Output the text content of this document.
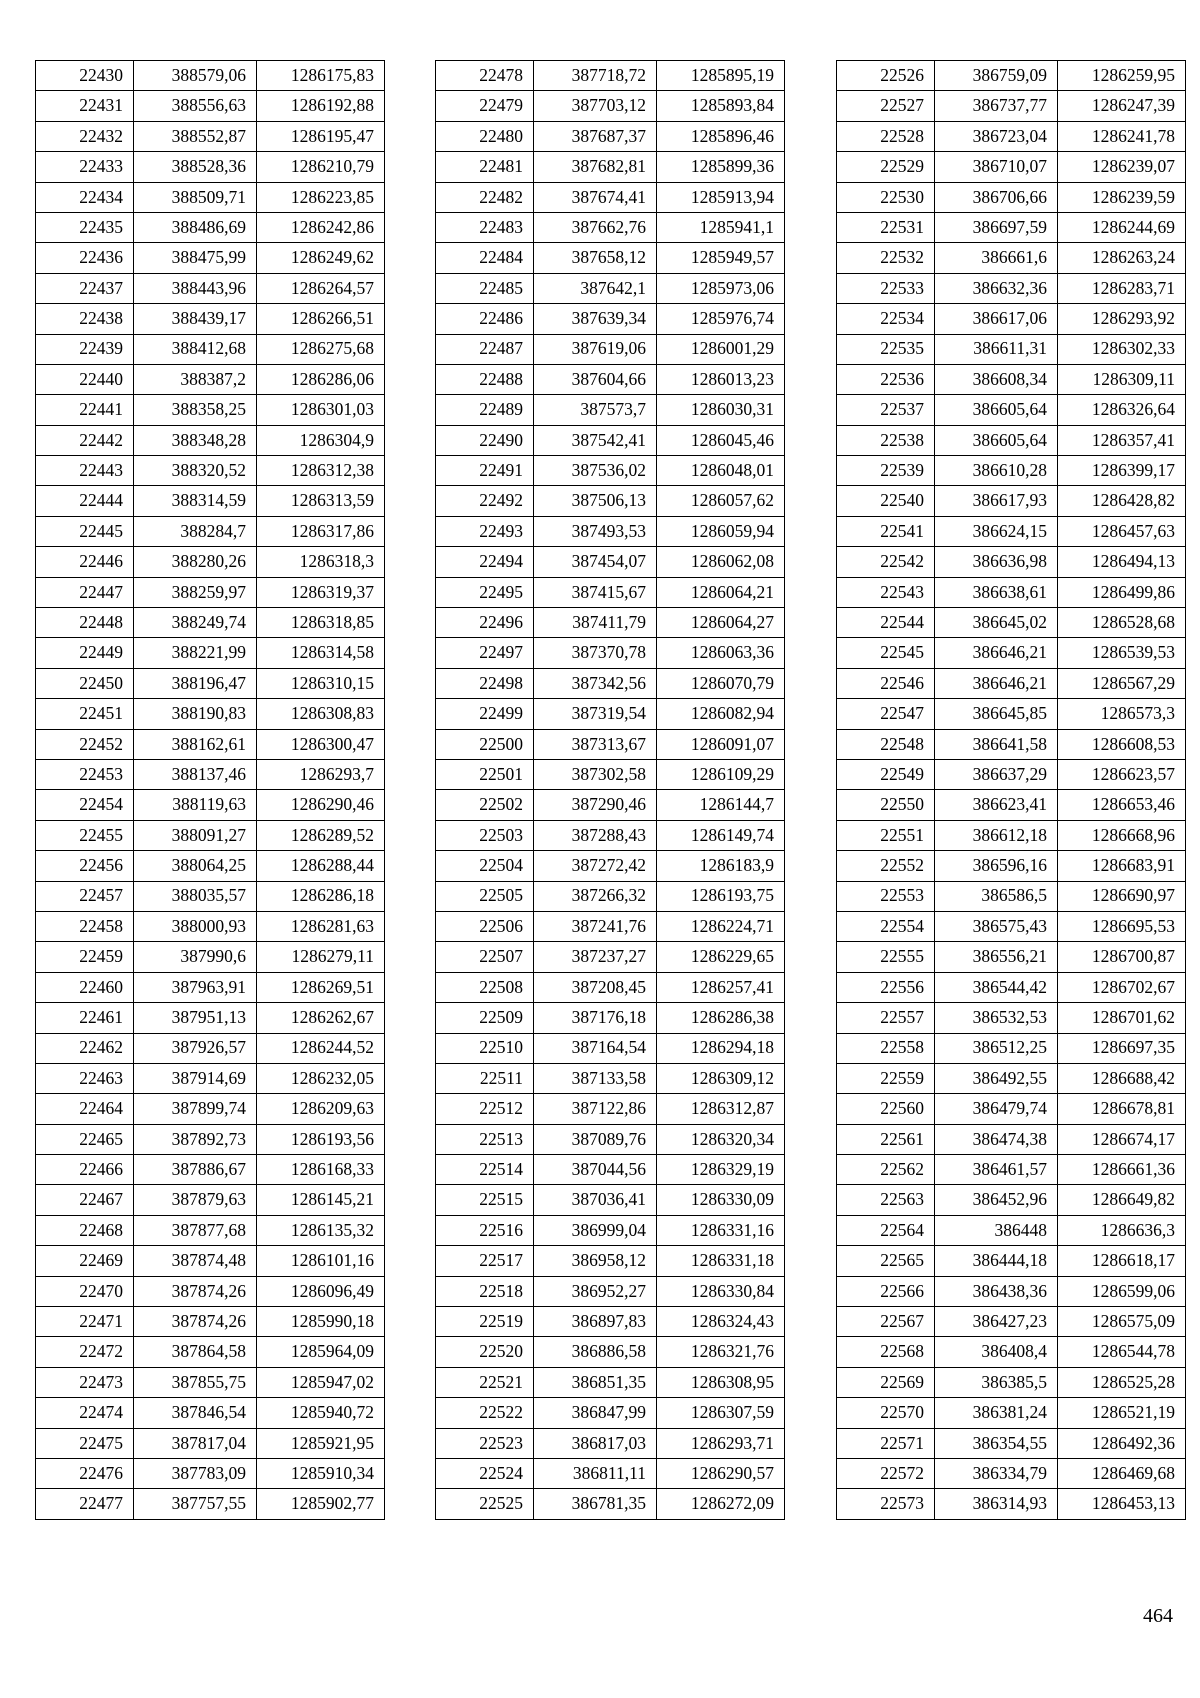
22430	388579,06	1286175,83
22431	388556,63	1286192,88
22432	388552,87	1286195,47
22433	388528,36	1286210,79
22434	388509,71	1286223,85
22435	388486,69	1286242,86
22436	388475,99	1286249,62
22437	388443,96	1286264,57
22438	388439,17	1286266,51
22439	388412,68	1286275,68
22440	388387,2	1286286,06
22441	388358,25	1286301,03
22442	388348,28	1286304,9
22443	388320,52	1286312,38
22444	388314,59	1286313,59
22445	388284,7	1286317,86
22446	388280,26	1286318,3
22447	388259,97	1286319,37
22448	388249,74	1286318,85
22449	388221,99	1286314,58
22450	388196,47	1286310,15
22451	388190,83	1286308,83
22452	388162,61	1286300,47
22453	388137,46	1286293,7
22454	388119,63	1286290,46
22455	388091,27	1286289,52
22456	388064,25	1286288,44
22457	388035,57	1286286,18
22458	388000,93	1286281,63
22459	387990,6	1286279,11
22460	387963,91	1286269,51
22461	387951,13	1286262,67
22462	387926,57	1286244,52
22463	387914,69	1286232,05
22464	387899,74	1286209,63
22465	387892,73	1286193,56
22466	387886,67	1286168,33
22467	387879,63	1286145,21
22468	387877,68	1286135,32
22469	387874,48	1286101,16
22470	387874,26	1286096,49
22471	387874,26	1285990,18
22472	387864,58	1285964,09
22473	387855,75	1285947,02
22474	387846,54	1285940,72
22475	387817,04	1285921,95
22476	387783,09	1285910,34
22477	387757,55	1285902,77
22478	387718,72	1285895,19
22479	387703,12	1285893,84
22480	387687,37	1285896,46
22481	387682,81	1285899,36
22482	387674,41	1285913,94
22483	387662,76	1285941,1
22484	387658,12	1285949,57
22485	387642,1	1285973,06
22486	387639,34	1285976,74
22487	387619,06	1286001,29
22488	387604,66	1286013,23
22489	387573,7	1286030,31
22490	387542,41	1286045,46
22491	387536,02	1286048,01
22492	387506,13	1286057,62
22493	387493,53	1286059,94
22494	387454,07	1286062,08
22495	387415,67	1286064,21
22496	387411,79	1286064,27
22497	387370,78	1286063,36
22498	387342,56	1286070,79
22499	387319,54	1286082,94
22500	387313,67	1286091,07
22501	387302,58	1286109,29
22502	387290,46	1286144,7
22503	387288,43	1286149,74
22504	387272,42	1286183,9
22505	387266,32	1286193,75
22506	387241,76	1286224,71
22507	387237,27	1286229,65
22508	387208,45	1286257,41
22509	387176,18	1286286,38
22510	387164,54	1286294,18
22511	387133,58	1286309,12
22512	387122,86	1286312,87
22513	387089,76	1286320,34
22514	387044,56	1286329,19
22515	387036,41	1286330,09
22516	386999,04	1286331,16
22517	386958,12	1286331,18
22518	386952,27	1286330,84
22519	386897,83	1286324,43
22520	386886,58	1286321,76
22521	386851,35	1286308,95
22522	386847,99	1286307,59
22523	386817,03	1286293,71
22524	386811,11	1286290,57
22525	386781,35	1286272,09
22526	386759,09	1286259,95
22527	386737,77	1286247,39
22528	386723,04	1286241,78
22529	386710,07	1286239,07
22530	386706,66	1286239,59
22531	386697,59	1286244,69
22532	386661,6	1286263,24
22533	386632,36	1286283,71
22534	386617,06	1286293,92
22535	386611,31	1286302,33
22536	386608,34	1286309,11
22537	386605,64	1286326,64
22538	386605,64	1286357,41
22539	386610,28	1286399,17
22540	386617,93	1286428,82
22541	386624,15	1286457,63
22542	386636,98	1286494,13
22543	386638,61	1286499,86
22544	386645,02	1286528,68
22545	386646,21	1286539,53
22546	386646,21	1286567,29
22547	386645,85	1286573,3
22548	386641,58	1286608,53
22549	386637,29	1286623,57
22550	386623,41	1286653,46
22551	386612,18	1286668,96
22552	386596,16	1286683,91
22553	386586,5	1286690,97
22554	386575,43	1286695,53
22555	386556,21	1286700,87
22556	386544,42	1286702,67
22557	386532,53	1286701,62
22558	386512,25	1286697,35
22559	386492,55	1286688,42
22560	386479,74	1286678,81
22561	386474,38	1286674,17
22562	386461,57	1286661,36
22563	386452,96	1286649,82
22564	386448	1286636,3
22565	386444,18	1286618,17
22566	386438,36	1286599,06
22567	386427,23	1286575,09
22568	386408,4	1286544,78
22569	386385,5	1286525,28
22570	386381,24	1286521,19
22571	386354,55	1286492,36
22572	386334,79	1286469,68
22573	386314,93	1286453,13
464
